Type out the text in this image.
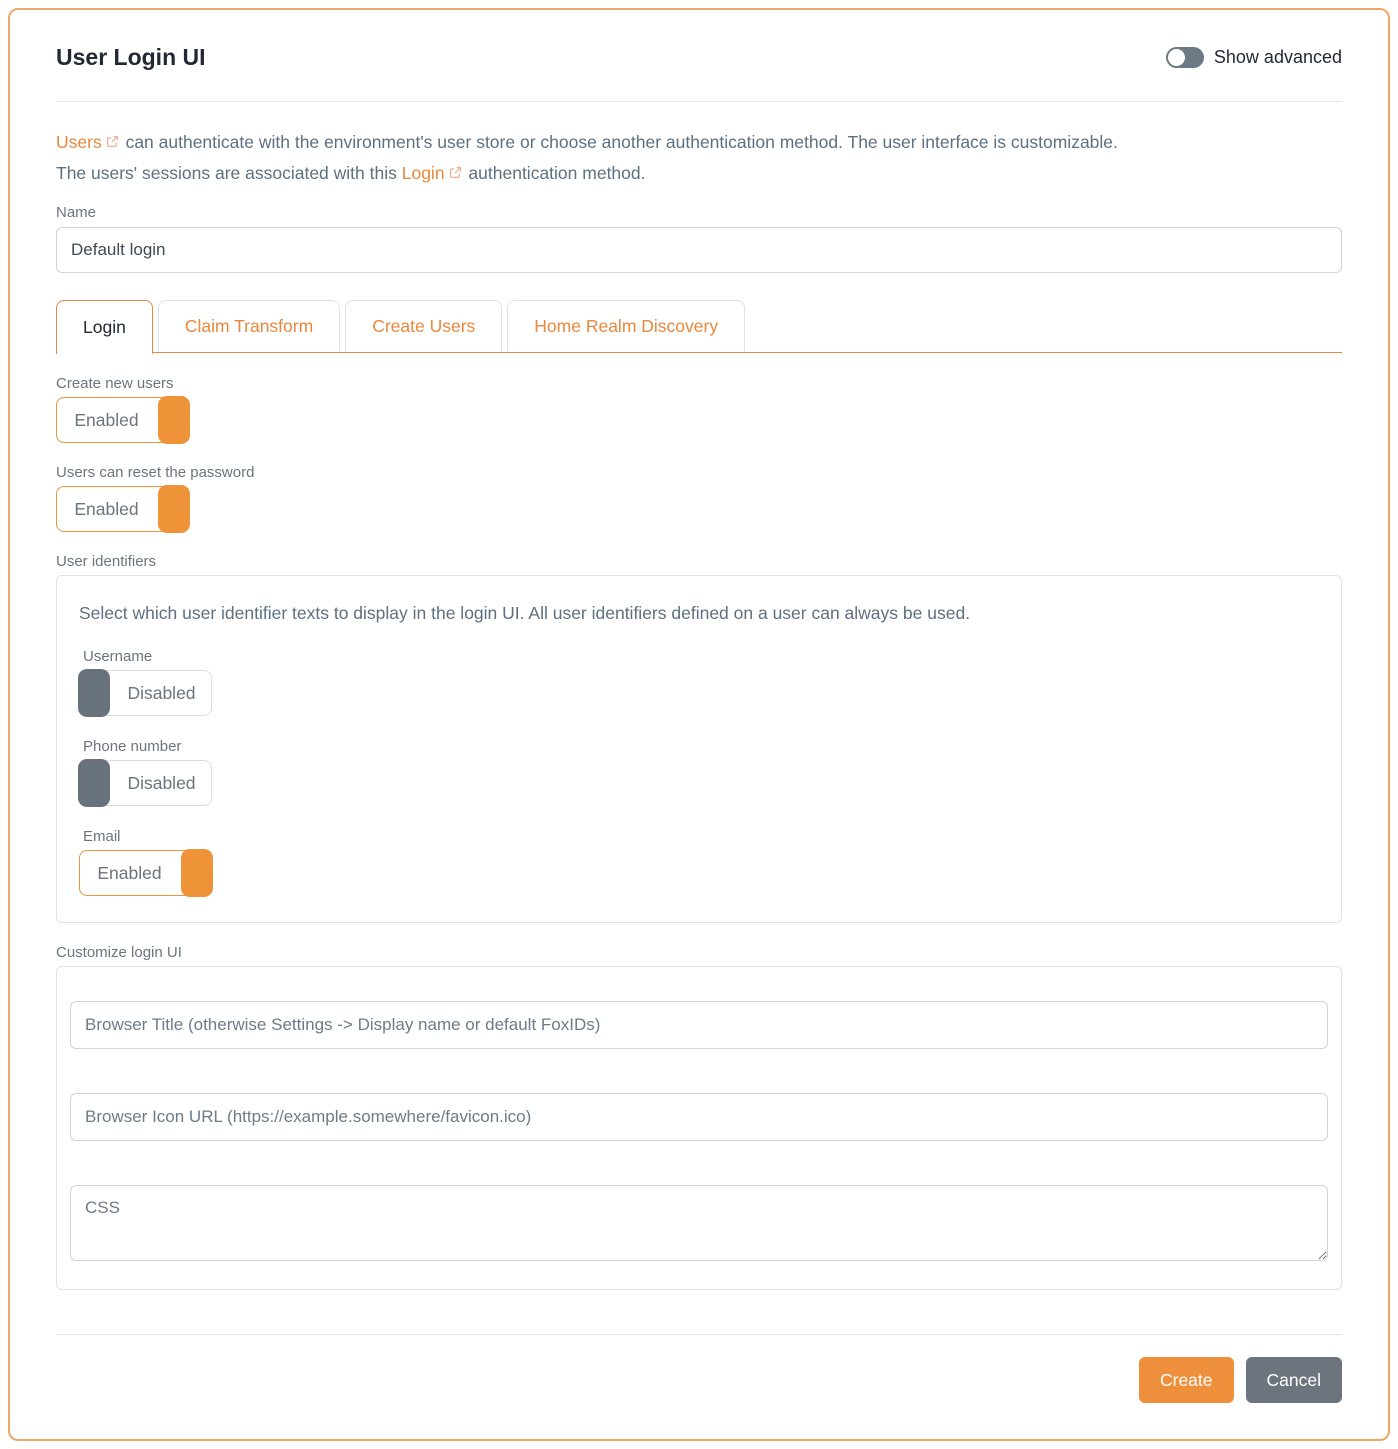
User Login UI	Show advanced
Users can authenticate with the environment's user store or choose another authentication method. The user interface is customizable.
The users' sessions are associated with this Login authentication method.
Name
Default login
Login	Claim Transform	Create Users	Home Realm Discovery
Create new users
Enabled
Users can reset the password
Enabled
User identifiers
Select which user identifier texts to display in the login UI. All user identifiers defined on a user can always be used.
Username
Disabled
Phone number
Disabled
Email
Enabled
Customize login UI
Browser Title (otherwise Settings -> Display name or default FoxIDs)
Browser Icon URL (https://example.somewhere/favicon.ico)
CSS
Create	Cancel
